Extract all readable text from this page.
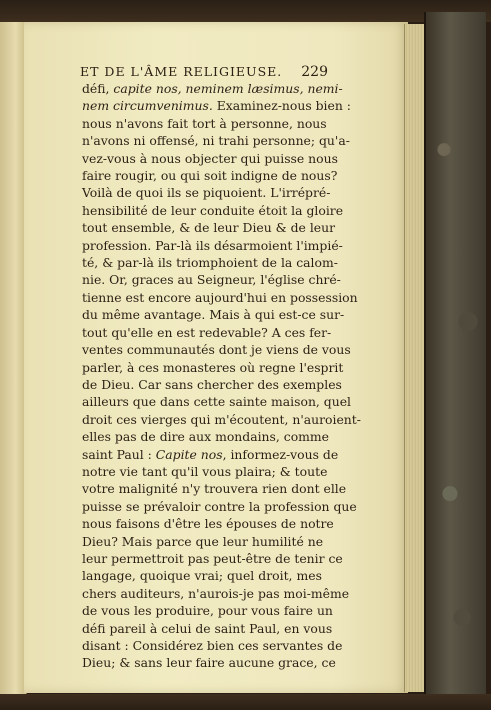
ET DE L'ÂME RELIGIEUSE. 229
défi, capite nos, neminem læsimus, nemi-
nem circumvenimus. Examinez-nous bien :
nous n'avons fait tort à personne, nous
n'avons ni offensé, ni trahi personne; qu'a-
vez-vous à nous objecter qui puisse nous
faire rougir, ou qui soit indigne de nous?
Voilà de quoi ils se piquoient. L'irrépré-
hensibilité de leur conduite étoit la gloire
tout ensemble, & de leur Dieu & de leur
profession. Par-là ils désarmoient l'impié-
té, & par-là ils triomphoient de la calom-
nie. Or, graces au Seigneur, l'église chré-
tienne est encore aujourd'hui en possession
du même avantage. Mais à qui est-ce sur-
tout qu'elle en est redevable? A ces fer-
ventes communautés dont je viens de vous
parler, à ces monasteres où regne l'esprit
de Dieu. Car sans chercher des exemples
ailleurs que dans cette sainte maison, quel
droit ces vierges qui m'écoutent, n'auroient-
elles pas de dire aux mondains, comme
saint Paul : Capite nos, informez-vous de
notre vie tant qu'il vous plaira; & toute
votre malignité n'y trouvera rien dont elle
puisse se prévaloir contre la profession que
nous faisons d'être les épouses de notre
Dieu? Mais parce que leur humilité ne
leur permettroit pas peut-être de tenir ce
langage, quoique vrai; quel droit, mes
chers auditeurs, n'aurois-je pas moi-même
de vous les produire, pour vous faire un
défi pareil à celui de saint Paul, en vous
disant : Considérez bien ces servantes de
Dieu; & sans leur faire aucune grace, ce
